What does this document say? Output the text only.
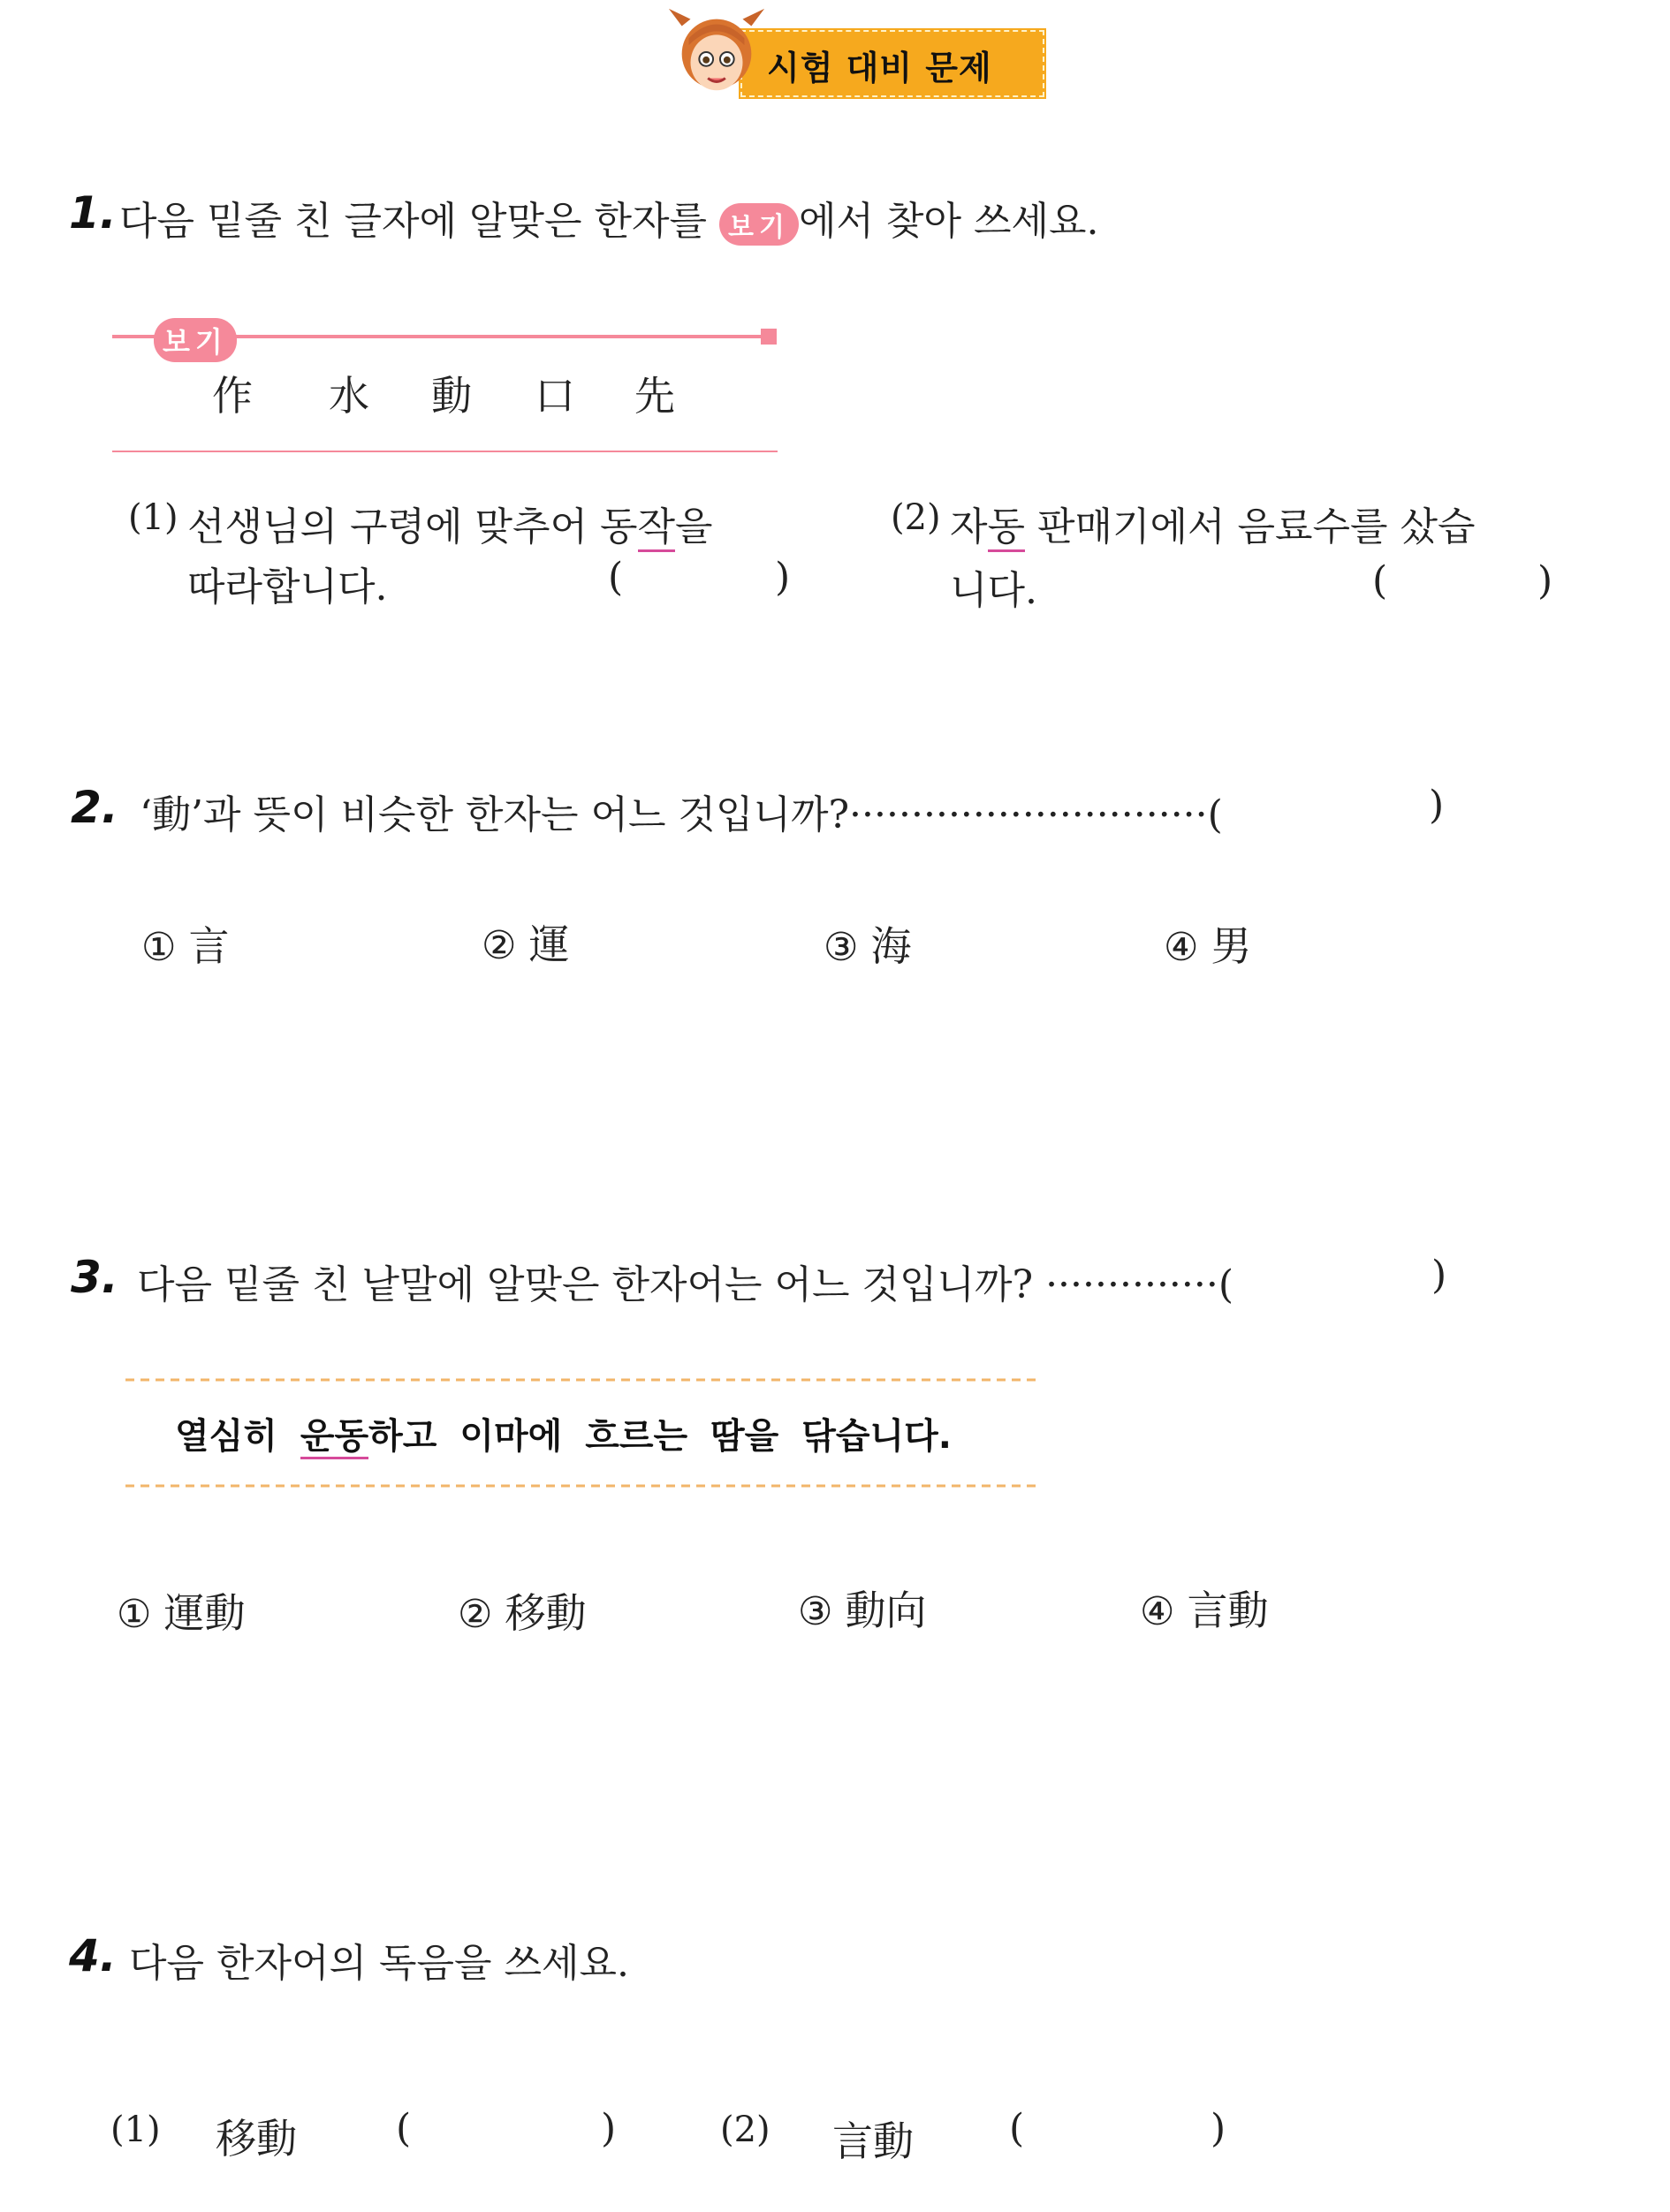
시험 대비 문제
1. 다음 밑줄 친 글자에 알맞은 한자를 보기 에서 찾아 쓰세요.
보기
作 水 動 口 先
(1) 선생님의 구령에 맞추어 동작을
따라합니다.	(	)
(2) 자동 판매기에서 음료수를 샀습
니다.	(	)
2. ‘動’과 뜻이 비슷한 한자는 어느 것입니까?·····························(	)
① 言	② 運	③ 海	④ 男
3. 다음 밑줄 친 낱말에 알맞은 한자어는 어느 것입니까? ··············(	)
열심히 운동하고 이마에 흐르는 땀을 닦습니다.
① 運動	② 移動	③ 動向	④ 言動
4. 다음 한자어의 독음을 쓰세요.
(1) 移動	(	)	(2) 言動 (	)
